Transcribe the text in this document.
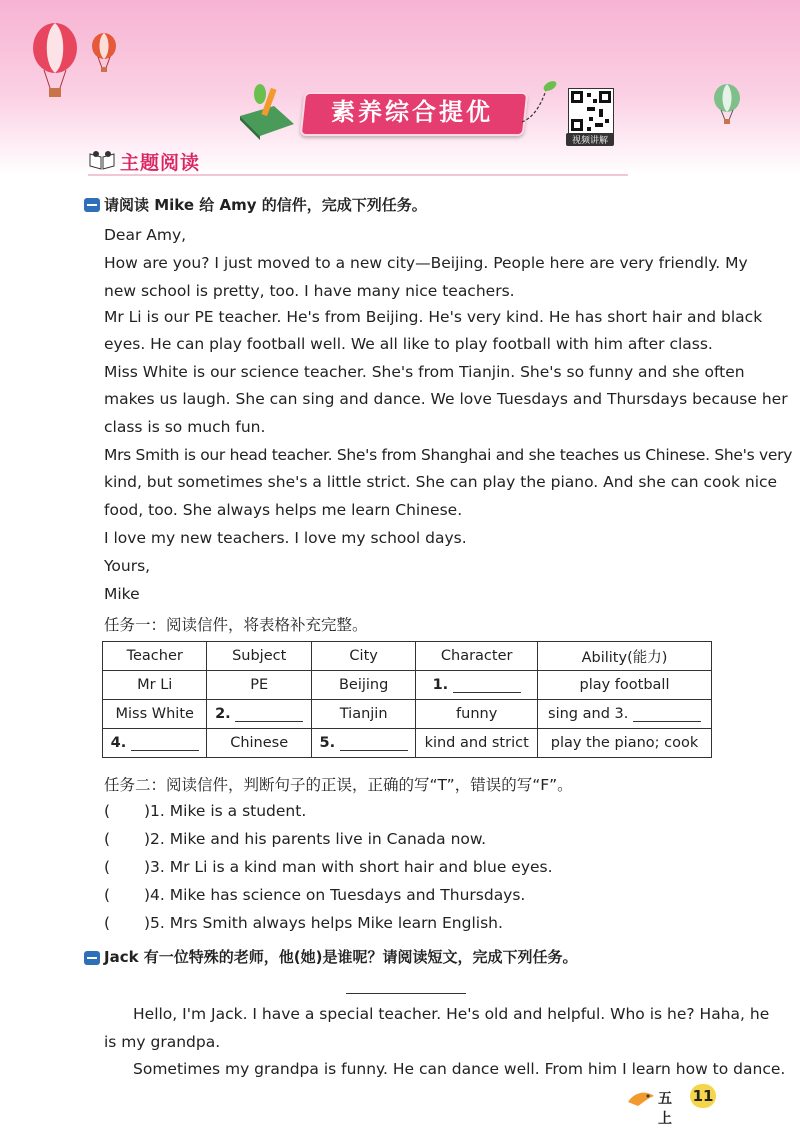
素养综合提优
视频讲解
主题阅读
请阅读 Mike 给 Amy 的信件，完成下列任务。
Dear Amy,
How are you? I just moved to a new city—Beijing. People here are very friendly. My
new school is pretty, too. I have many nice teachers.
Mr Li is our PE teacher. He's from Beijing. He's very kind. He has short hair and black
eyes. He can play football well. We all like to play football with him after class.
Miss White is our science teacher. She's from Tianjin. She's so funny and she often
makes us laugh. She can sing and dance. We love Tuesdays and Thursdays because her
class is so much fun.
Mrs Smith is our head teacher. She's from Shanghai and she teaches us Chinese. She's very
kind, but sometimes she's a little strict. She can play the piano. And she can cook nice
food, too. She always helps me learn Chinese.
I love my new teachers. I love my school days.
Yours,
Mike
任务一：阅读信件，将表格补充完整。
Teacher	Subject	City	Character	Ability(能力)
Mr Li	PE	Beijing	1.	play football
Miss White	2.	Tianjin	funny	sing and 3.
4.	Chinese	5.	kind and strict	play the piano; cook
任务二：阅读信件，判断句子的正误，正确的写“T”，错误的写“F”。
( )1. Mike is a student.
( )2. Mike and his parents live in Canada now.
( )3. Mr Li is a kind man with short hair and blue eyes.
( )4. Mike has science on Tuesdays and Thursdays.
( )5. Mrs Smith always helps Mike learn English.
Jack 有一位特殊的老师，他(她)是谁呢？请阅读短文，完成下列任务。
Hello, I'm Jack. I have a special teacher. He's old and helpful. Who is he? Haha, he
is my grandpa.
Sometimes my grandpa is funny. He can dance well. From him I learn how to dance.
五上
11
